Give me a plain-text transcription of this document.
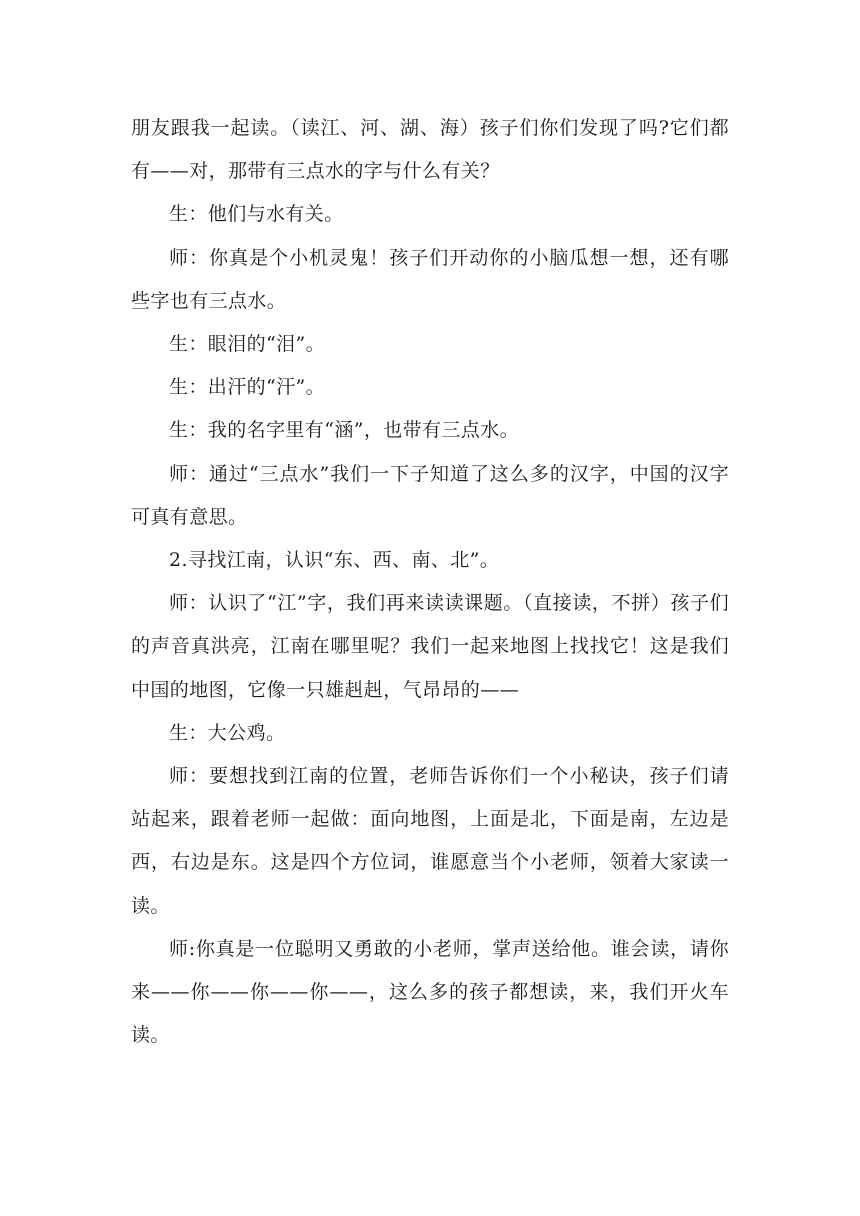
朋友跟我一起读。（读江、河、湖、海）孩子们你们发现了吗?它们都有——对，那带有三点水的字与什么有关？

生：他们与水有关。

师：你真是个小机灵鬼！孩子们开动你的小脑瓜想一想，还有哪些字也有三点水。

生：眼泪的“泪”。

生：出汗的“汗”。

生：我的名字里有“涵”，也带有三点水。

师：通过“三点水”我们一下子知道了这么多的汉字，中国的汉字可真有意思。

2.寻找江南，认识“东、西、南、北”。

师：认识了“江”字，我们再来读读课题。（直接读，不拼）孩子们的声音真洪亮，江南在哪里呢？我们一起来地图上找找它！这是我们中国的地图，它像一只雄赳赳，气昂昂的——

生：大公鸡。

师：要想找到江南的位置，老师告诉你们一个小秘诀，孩子们请站起来，跟着老师一起做：面向地图，上面是北，下面是南，左边是西，右边是东。这是四个方位词，谁愿意当个小老师，领着大家读一读。

师:你真是一位聪明又勇敢的小老师，掌声送给他。谁会读，请你来——你——你——你——，这么多的孩子都想读，来，我们开火车读。
